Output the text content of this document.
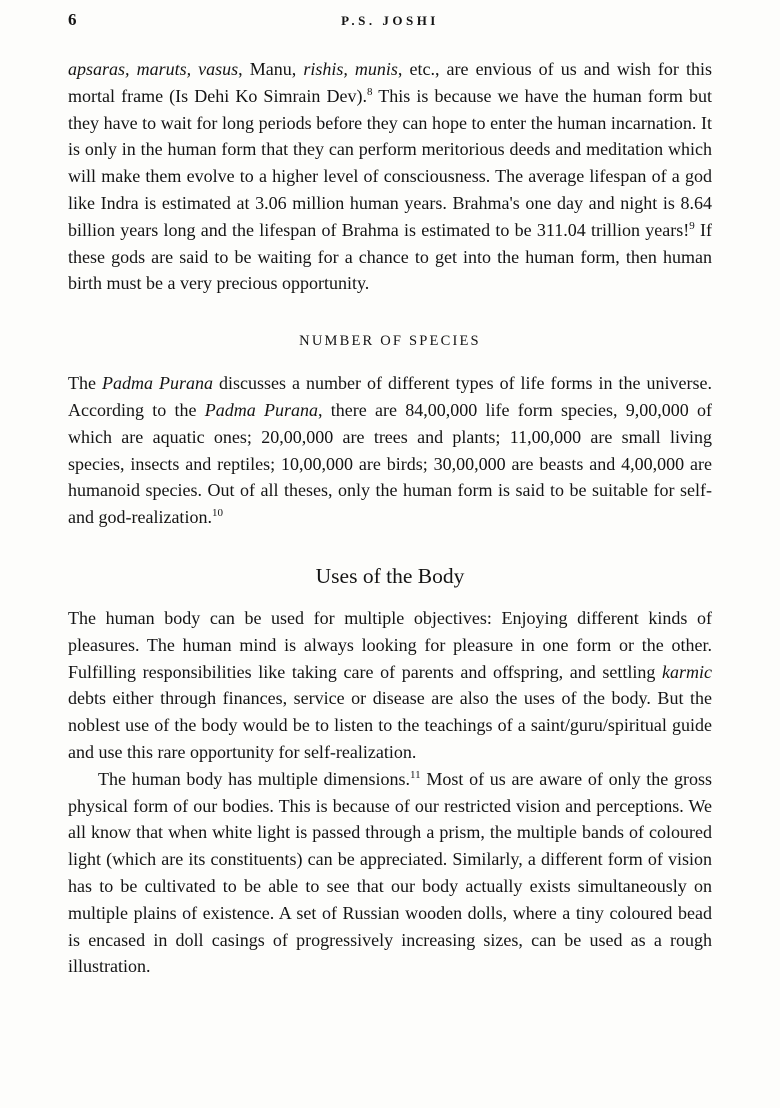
6	P.S. JOSHI

apsaras, maruts, vasus, Manu, rishis, munis, etc., are envious of us and wish for this mortal frame (Is Dehi Ko Simrain Dev).$^8$ This is because we have the human form but they have to wait for long periods before they can hope to enter the human incarnation. It is only in the human form that they can perform meritorious deeds and meditation which will make them evolve to a higher level of consciousness. The average lifespan of a god like Indra is estimated at 3.06 million human years. Brahma's one day and night is 8.64 billion years long and the lifespan of Brahma is estimated to be 311.04 trillion years!$^9$ If these gods are said to be waiting for a chance to get into the human form, then human birth must be a very precious opportunity.

NUMBER OF SPECIES

The Padma Purana discusses a number of different types of life forms in the universe. According to the Padma Purana, there are 84,00,000 life form species, 9,00,000 of which are aquatic ones; 20,00,000 are trees and plants; 11,00,000 are small living species, insects and reptiles; 10,00,000 are birds; 30,00,000 are beasts and 4,00,000 are humanoid species. Out of all theses, only the human form is said to be suitable for self- and god-realization.$^{10}$

Uses of the Body

The human body can be used for multiple objectives: Enjoying different kinds of pleasures. The human mind is always looking for pleasure in one form or the other. Fulfilling responsibilities like taking care of parents and offspring, and settling karmic debts either through finances, service or disease are also the uses of the body. But the noblest use of the body would be to listen to the teachings of a saint/guru/spiritual guide and use this rare opportunity for self-realization.

The human body has multiple dimensions.$^{11}$ Most of us are aware of only the gross physical form of our bodies. This is because of our restricted vision and perceptions. We all know that when white light is passed through a prism, the multiple bands of coloured light (which are its constituents) can be appreciated. Similarly, a different form of vision has to be cultivated to be able to see that our body actually exists simultaneously on multiple plains of existence. A set of Russian wooden dolls, where a tiny coloured bead is encased in doll casings of progressively increasing sizes, can be used as a rough illustration.
